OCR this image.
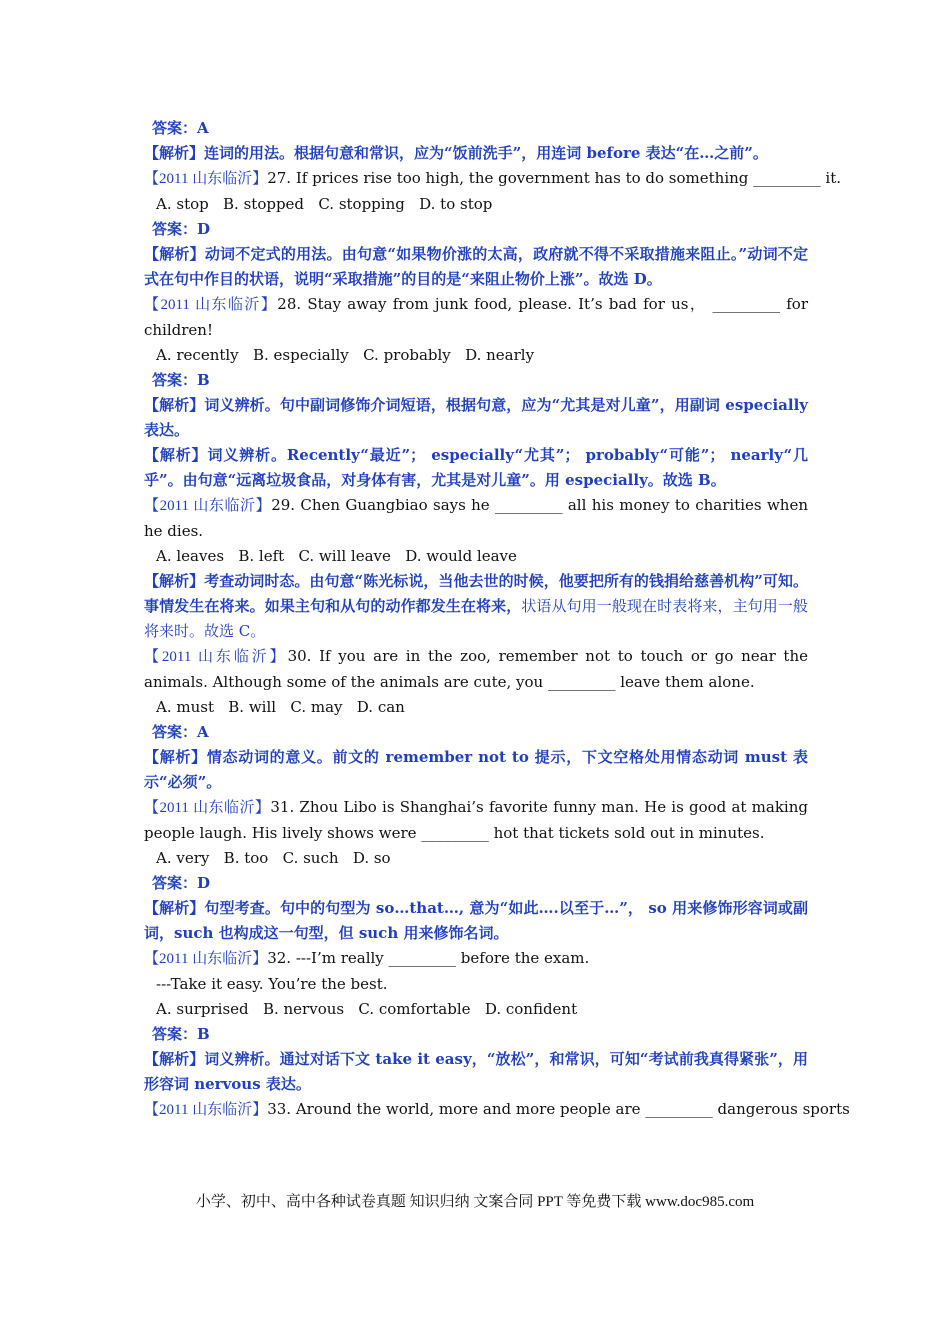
答案：A
【解析】连词的用法。根据句意和常识，应为“饭前洗手”，用连词 before 表达“在…之前”。
【2011 山东临沂】27. If prices rise too high, the government has to do something _________ it.
A. stop   B. stopped   C. stopping   D. to stop
答案：D
【解析】动词不定式的用法。由句意“如果物价涨的太高，政府就不得不采取措施来阻止。”动词不定式在句中作目的状语，说明“采取措施”的目的是“来阻止物价上涨”。故选 D。
【2011 山东临沂】28. Stay away from junk food, please. It’s bad for us， _________ for children!
A. recently   B. especially   C. probably   D. nearly
答案：B
【解析】词义辨析。句中副词修饰介词短语，根据句意，应为“尤其是对儿童”，用副词 especially 表达。
【解析】词义辨析。Recently“最近”； especially“尤其”； probably“可能”； nearly“几乎”。由句意“远离垃圾食品，对身体有害，尤其是对儿童”。用 especially。故选 B。
【2011 山东临沂】29. Chen Guangbiao says he _________ all his money to charities when he dies.
A. leaves   B. left   C. will leave   D. would leave
【解析】考查动词时态。由句意“陈光标说，当他去世的时候，他要把所有的钱捐给慈善机构”可知。事情发生在将来。如果主句和从句的动作都发生在将来，状语从句用一般现在时表将来，主句用一般将来时。故选 C。
【2011 山东临沂】30. If you are in the zoo, remember not to touch or go near the animals. Although some of the animals are cute, you _________ leave them alone.
A. must   B. will   C. may   D. can
答案：A
【解析】情态动词的意义。前文的 remember not to 提示，下文空格处用情态动词 must 表示“必须”。
【2011 山东临沂】31. Zhou Libo is Shanghai’s favorite funny man. He is good at making people laugh. His lively shows were _________ hot that tickets sold out in minutes.
A. very   B. too   C. such   D. so
答案：D
【解析】句型考查。句中的句型为 so…that…, 意为“如此….以至于…”， so 用来修饰形容词或副词，such 也构成这一句型，但 such 用来修饰名词。
【2011 山东临沂】32. ---I’m really _________ before the exam.
---Take it easy. You’re the best.
A. surprised   B. nervous   C. comfortable   D. confident
答案：B
【解析】词义辨析。通过对话下文 take it easy，“放松”，和常识，可知“考试前我真得紧张”，用形容词 nervous 表达。
【2011 山东临沂】33. Around the world, more and more people are _________ dangerous sports
小学、初中、高中各种试卷真题 知识归纳 文案合同 PPT 等免费下载 www.doc985.com
